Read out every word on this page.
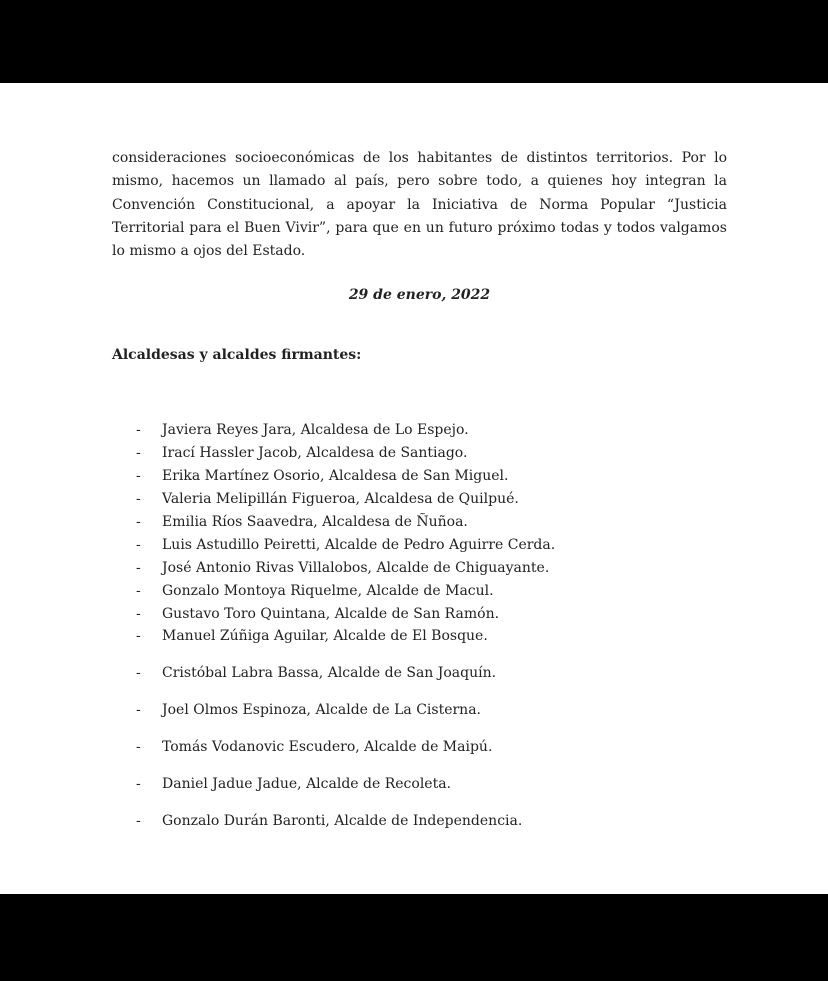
consideraciones socioeconómicas de los habitantes de distintos territorios. Por lo mismo, hacemos un llamado al país, pero sobre todo, a quienes hoy integran la Convención Constitucional, a apoyar la Iniciativa de Norma Popular “Justicia Territorial para el Buen Vivir”, para que en un futuro próximo todas y todos valgamos lo mismo a ojos del Estado.

29 de enero, 2022

Alcaldesas y alcaldes firmantes:

- Javiera Reyes Jara, Alcaldesa de Lo Espejo.
- Irací Hassler Jacob, Alcaldesa de Santiago.
- Erika Martínez Osorio, Alcaldesa de San Miguel.
- Valeria Melipillán Figueroa, Alcaldesa de Quilpué.
- Emilia Ríos Saavedra, Alcaldesa de Ñuñoa.
- Luis Astudillo Peiretti, Alcalde de Pedro Aguirre Cerda.
- José Antonio Rivas Villalobos, Alcalde de Chiguayante.
- Gonzalo Montoya Riquelme, Alcalde de Macul.
- Gustavo Toro Quintana, Alcalde de San Ramón.
- Manuel Zúñiga Aguilar, Alcalde de El Bosque.
- Cristóbal Labra Bassa, Alcalde de San Joaquín.
- Joel Olmos Espinoza, Alcalde de La Cisterna.
- Tomás Vodanovic Escudero, Alcalde de Maipú.
- Daniel Jadue Jadue, Alcalde de Recoleta.
- Gonzalo Durán Baronti, Alcalde de Independencia.
